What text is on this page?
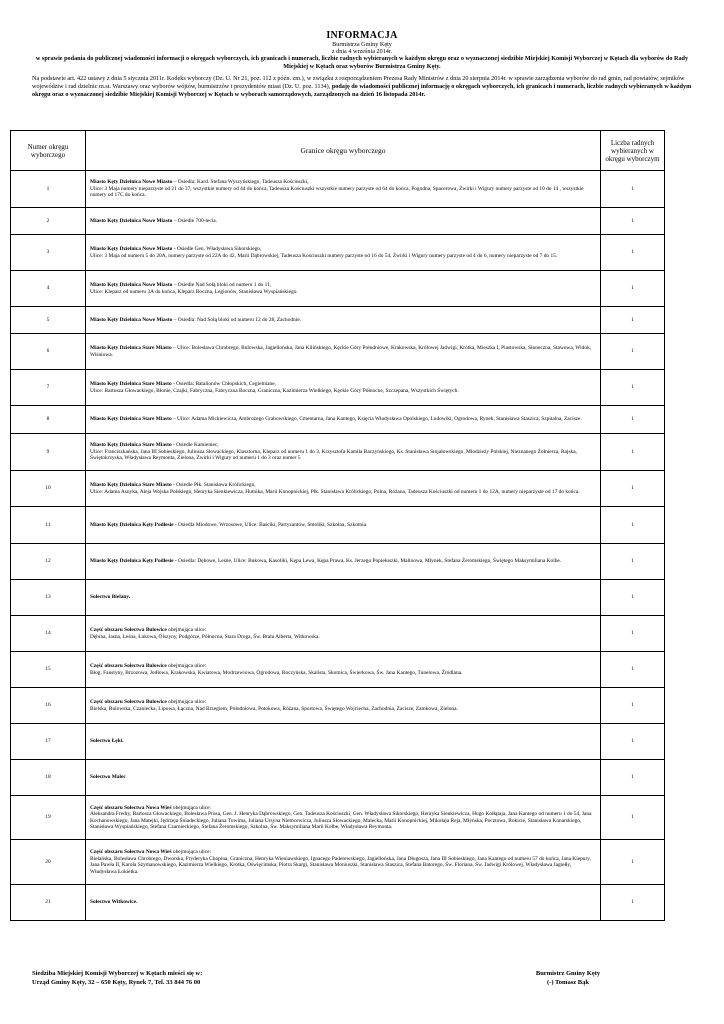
INFORMACJA

Burmistrza Gminy Kęty

z dnia 4 września 2014r.

w sprawie podania do publicznej wiadomości informacji o okręgach wyborczych, ich granicach i numerach, liczbie radnych wybieranych w każdym okręgu oraz o wyznaczonej siedzibie Miejskiej Komisji Wyborczej w Kętach dla wyborów do Rady Miejskiej w Kętach oraz wyborów Burmistrza Gminy Kęty.

Na podstawie art. 422 ustawy z dnia 5 stycznia 2011r. Kodeks wyborczy (Dz. U. Nr 21, poz. 112 z późn. zm.), w związku z rozporządzeniem Prezesa Rady Ministrów z dnia 20 sierpnia 2014r. w sprawie zarządzenia wyborów do rad gmin, rad powiatów, sejmików województw i rad dzielnic m.st. Warszawy oraz wyborów wójtów, burmistrzów i prezydentów miast (Dz. U. poz. 1134), podaję do wiadomości publicznej informację o okręgach wyborczych, ich granicach i numerach, liczbie radnych wybieranych w każdym okręgu oraz o wyznaczonej siedzibie Miejskiej Komisji Wyborczej w Kętach w wyborach samorządowych, zarządzonych na dzień 16 listopada 2014r.

Numer okręgu wyborczego	Granice okręgu wyborczego	Liczba radnych wybieranych w okręgu wyborczym
1	Miasto Kęty Dzielnica Nowe Miasto – Osiedla: Kard. Stefana Wyszyńskiego, Tadeusza Kościuszki,
Ulice: 3 Maja numery nieparzyste od 21 do 37, wszystkie numery od 44 do końca, Tadeusza Kościuszki wszystkie numery parzyste od 64 do końca, Pogodna, Spacerowa, Żwirki i Wigury numery parzyste od 10 do 14 , wszystkie numery od 17C do końca.	1
2	Miasto Kęty Dzielnica Nowe Miasto – Osiedle 700-lecia.	1
3	Miasto Kęty Dzielnica Nowe Miasto - Osiedle Gen. Władysława Sikorskiego,
Ulice: 3 Maja od numeru 5 do 20A, numery parzyste od 22A do 42, Marii Dąbrowskiej, Tadeusza Kościuszki numery parzyste od 16 do 54, Żwirki i Wigury numery parzyste od 4 do 6, numery nieparzyste od 7 do 15.	1
4	Miasto Kęty Dzielnica Nowe Miasto – Osiedle Nad Sołą bloki od numeru 1 do 11,
Ulice: Kleparz od numeru 3A do końca, Kleparz Boczna, Legionów, Stanisława Wyspiańskiego.	1
5	Miasto Kęty Dzielnica Nowe Miasto – Osiedla: Nad Sołą bloki od numeru 12 do 28, Zachodnie.	1
6	Miasto Kęty Dzielnica Stare Miasto – Ulice: Bolesława Chrobrego, Bulowska, Jagiellońska, Jana Kilińskiego, Kęckie Góry Południowe, Krakowska, Królowej Jadwigi, Krótka, Mieszka I, Piastowska, Słoneczna, Stawowa, Widok, Wiśniowa.	1
7	Miasto Kęty Dzielnica Stare Miasto - Osiedla: Batalionów Chłopskich, Cegielniane,
Ulice: Bartosza Głowackiego, Błonie, Czajki, Fabryczna, Fabryczna Boczna, Graniczna, Kazimierza Wielkiego, Kęckie Góry Północne, Szczepana, Wszystkich Świętych.	1
8	Miasto Kęty Dzielnica Stare Miasto – Ulice: Adama Mickiewicza, Ambrożego Grabowskiego, Cmentarna, Jana Kantego, Księcia Władysława Opolskiego, Ludowiki, Ogrodowa, Rynek, Stanisława Staszica, Szpitalna, Zacisze.	1
9	Miasto Kęty Dzielnica Stare Miasto - Osiedle Kamieniec,
Ulice: Franciszkańska, Jana III Sobieskiego, Juliusza Słowackiego, Klasztorna, Kleparz od numeru 1 do 3, Krzysztofa Kamila Baczyńskiego, Ks. Stanisława Stojałowskiego, Młodzieży Polskiej, Nieznanego Żołnierza, Rajska, Świętokrzyska, Władysława Reymonta, Zielona, Żwirki i Wigury od numeru 1 do 3 oraz numer 5	1
10	Miasto Kęty Dzielnica Stare Miasto - Osiedle Płk. Stanisława Królickiego,
Ulice: Adama Asnyka, Aleja Wojska Polskiego, Henryka Sienkiewicza, Hutnika, Marii Konopnickiej, Płk. Stanisława Królickiego, Polna, Różana, Tadeusza Kościuszki od numeru 1 do 12A, numery nieparzyste od 17 do końca.	1
11	Miasto Kęty Dzielnica Kęty Podlesie - Osiedla Miodowe, Wrzosowe, Ulice: Baściki, Partyzantów, Smoliki, Szkolna, Szkotnia.	1
12	Miasto Kęty Dzielnica Kęty Podlesie - Osiedla: Dębowe, Leśne, Ulice: Bukowa, Kasoliki, Kępa Lewa, Kępa Prawa, Ks. Jerzego Popiełuszki, Malinowa, Młynek, Stefana Żeromskiego, Świętego Maksymiliana Kolbe.	1
13	Sołectwo Bielany.	1
14	Część obszaru Sołectwa Bulowice obejmująca ulice:
Dębina, Jasna, Leśna, Łukowa, Olszyny, Podgórze, Północna, Stara Droga, Św. Brata Alberta, Witkowska.	1
15	Część obszaru Sołectwa Bulowice obejmująca ulice:
Błog. Faustyny, Brzozowa, Jodłowa, Krakowska, Kwiatowa, Modrzewiowa, Ogrodowa, Roczyńska, Skalista, Skotnica, Świerkowa, Św. Jana Kantego, Tunelowa, Źródlana.	1
16	Część obszaru Sołectwa Bulowice obejmująca ulice:
Bielska, Bulowska, Czaniecka, Lipowa, Łączna, Nad Brzegiem, Południowa, Potokowa, Różana, Sportowa, Świętego Wojciecha, Zachodnia, Zacisze, Zamkowa, Zielona.	1
17	Sołectwo Łęki.	1
18	Sołectwo Malec	1
19	Część obszaru Sołectwa Nowa Wieś obejmująca ulice:
Aleksandra Fredry, Bartosza Głowackiego, Bolesława Prusa, Gen. J. Henryka Dąbrowskiego, Gen. Tadeusza Kościuszki, Gen. Władysława Sikorskiego, Henryka Sienkiewicza, Hugo Kołłątaja, Jana Kantego od numeru 1 do 54, Jana Kochanowskiego, Jana Matejki, Jędrzeja Śniadeckiego, Juliana Tuwima, Juliana Ursyna Niemcewicza, Juliusza Słowackiego, Malecka, Marii Konopnickiej, Mikołaja Reja, Młyńska, Pocztowa, Rokicie, Stanisława Konarskiego, Stanisława Wyspiańskiego, Stefana Czarnieckiego, Stefana Żeromskiego, Szkolna, Św. Maksymiliana Marii Kolbe, Władysława Reymonta.	1
20	Część obszaru Sołectwa Nowa Wieś obejmująca ulice:
Bielańska, Bolesława Chrobrego, Dworska, Fryderyka Chopina, Graniczna, Henryka Wieniawskiego, Ignacego Paderewskiego, Jagiellońska, Jana Długosza, Jana III Sobieskiego, Jana Kantego od numeru 57 do końca, Jana Kiepury, Jana Pawła II, Karola Szymanowskiego, Kazimierza Wielkiego, Krótka, Oświęcimska, Piotra Skargi, Stanisława Moniuszki, Stanisława Staszica, Stefana Batorego, Św. Floriana, Św. Jadwigi Królowej, Władysława Jagiełły, Władysława Łokietka.	1
21	Sołectwo Witkowice.	1
Siedziba Miejskiej Komisji Wyborczej w Kętach mieści się w:
Urząd Gminy Kęty, 32 – 650 Kęty, Rynek 7, Tel. 33 844 76 00
Burmistrz Gminy Kęty
(-) Tomasz Bąk
